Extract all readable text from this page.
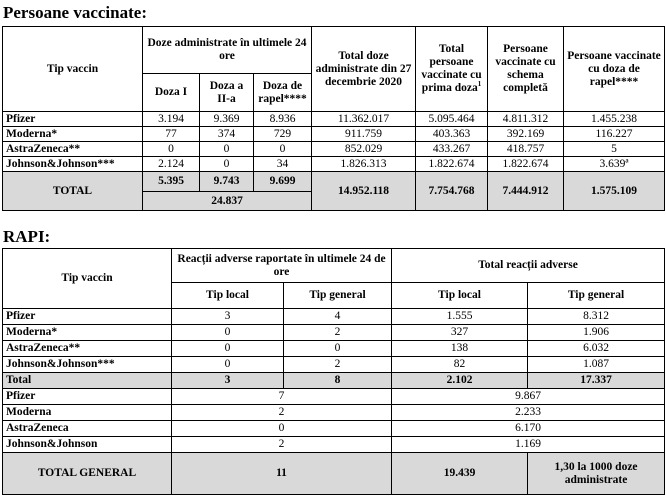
Persoane vaccinate:
Tip vaccin	Doze administrate în ultimele 24 ore			Total doze administrate din 27 decembrie 2020	Total persoane vaccinate cu prima doza$^1$	Persoane vaccinate cu schema completă	Persoane vaccinate cu doza de rapel****
	Doza I	Doza a II-a	Doza de rapel****				
Pfizer	3.194	9.369	8.936	11.362.017	5.095.464	4.811.312	1.455.238
Moderna*	77	374	729	911.759	403.363	392.169	116.227
AstraZeneca**	0	0	0	852.029	433.267	418.757	5
Johnson&Johnson***	2.124	0	34	1.826.313	1.822.674	1.822.674	3.639ª
TOTAL	5.395	9.743	9.699	14.952.118	7.754.768	7.444.912	1.575.109
	24.837						
RAPI:
Tip vaccin	Reacții adverse raportate în ultimele 24 de ore		Total reacții adverse	
	Tip local	Tip general	Tip local	Tip general
Pfizer	3	4	1.555	8.312
Moderna*	0	2	327	1.906
AstraZeneca**	0	0	138	6.032
Johnson&Johnson***	0	2	82	1.087
Total	3	8	2.102	17.337
Pfizer	7		9.867	
Moderna	2		2.233	
AstraZeneca	0		6.170	
Johnson&Johnson	2		1.169	
TOTAL GENERAL	11		19.439	1,30 la 1000 doze administrate
